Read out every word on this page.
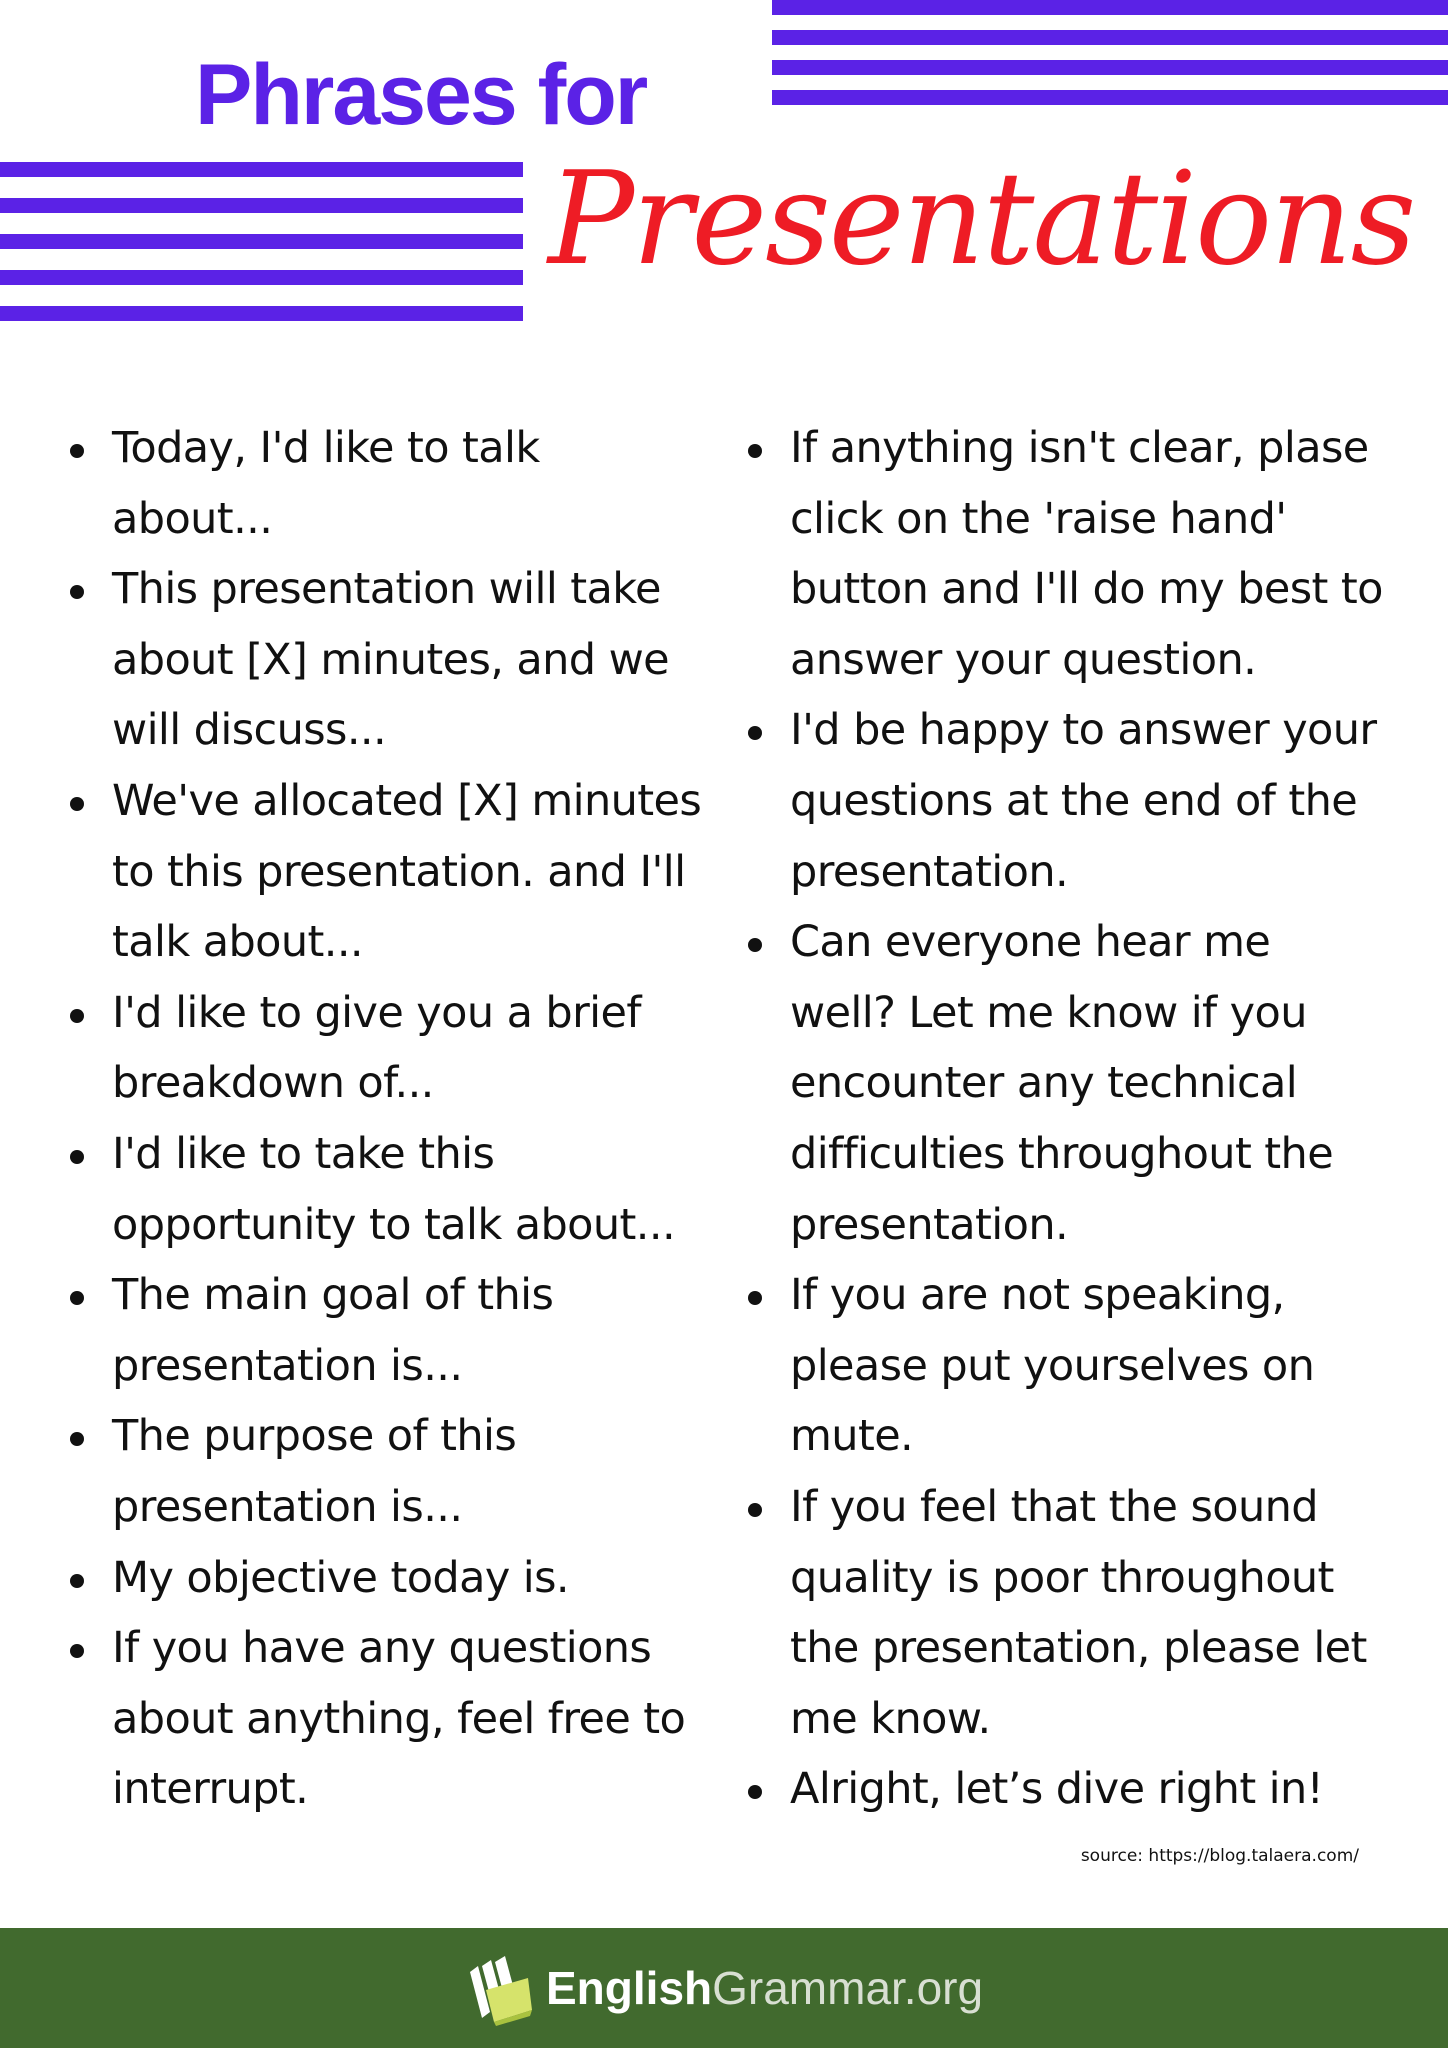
Phrases for
Presentations
Today, I'd like to talk about...
This presentation will take about [X] minutes, and we will discuss...
We've allocated [X] minutes to this presentation. and I'll talk about...
I'd like to give you a brief breakdown of...
I'd like to take this opportunity to talk about...
The main goal of this presentation is...
The purpose of this presentation is...
My objective today is.
If you have any questions about anything, feel free to interrupt.
If anything isn't clear, plase click on the 'raise hand' button and I'll do my best to answer your question.
I'd be happy to answer your questions at the end of the presentation.
Can everyone hear me well? Let me know if you encounter any technical difficulties throughout the presentation.
If you are not speaking, please put yourselves on mute.
If you feel that the sound quality is poor throughout the presentation, please let me know.
Alright, let’s dive right in!
source: https://blog.talaera.com/
English Grammar.org
